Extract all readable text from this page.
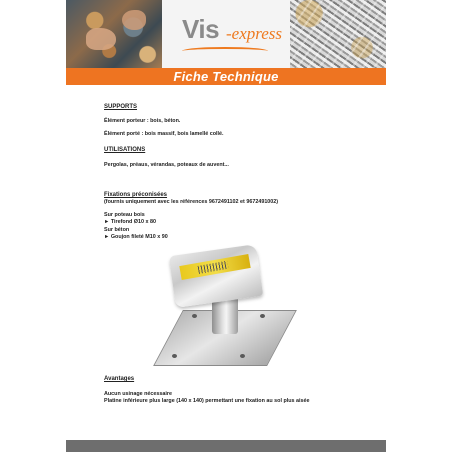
Vis -express
Fiche Technique
SUPPORTS
Élément porteur : bois, béton.
Élément porté : bois massif, bois lamellé collé.
UTILISATIONS
Pergolas, préaus, vérandas, poteaux de auvent...
Fixations préconisées
(fournis uniquement avec les références 9672491102 et 9672491002)
Sur poteau bois
► Tirefond Ø10 x 80
Sur béton
► Goujon fileté M10 x 90
Avantages
Aucun usinage nécessaire
Platine inférieure plus large (140 x 140) permettant une fixation au sol plus aisée
